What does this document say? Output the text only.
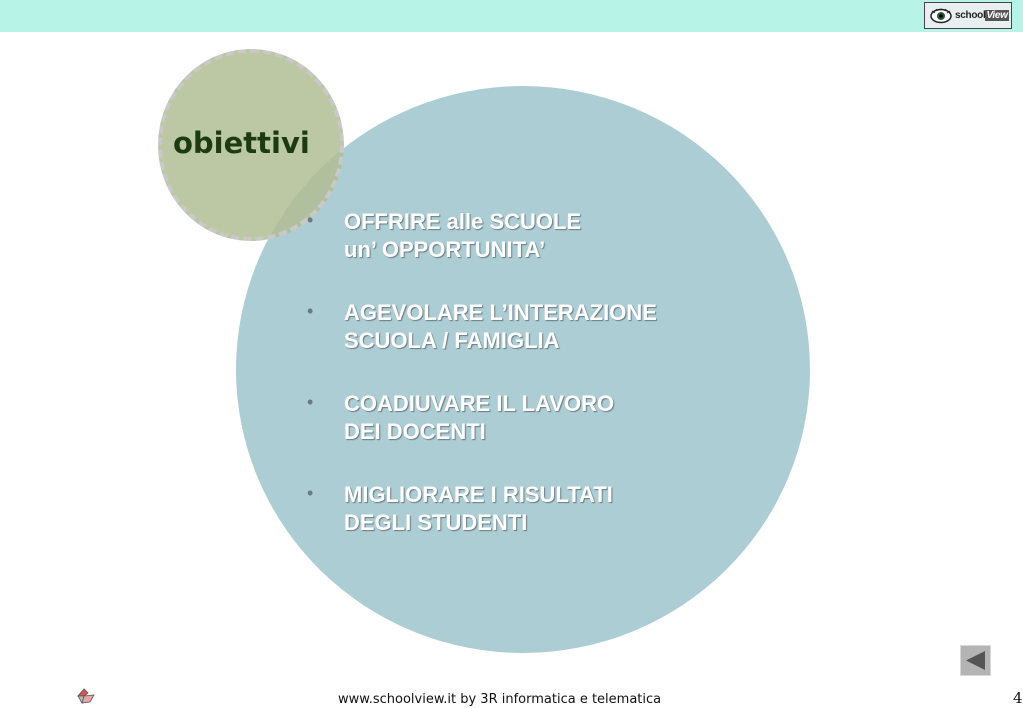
schoolView
obiettivi
• OFFRIRE alle SCUOLE
un’ OPPORTUNITA’
• AGEVOLARE L’INTERAZIONE
SCUOLA / FAMIGLIA
• COADIUVARE IL LAVORO
DEI DOCENTI
• MIGLIORARE I RISULTATI
DEGLI STUDENTI
www.schoolview.it by 3R informatica e telematica	4
